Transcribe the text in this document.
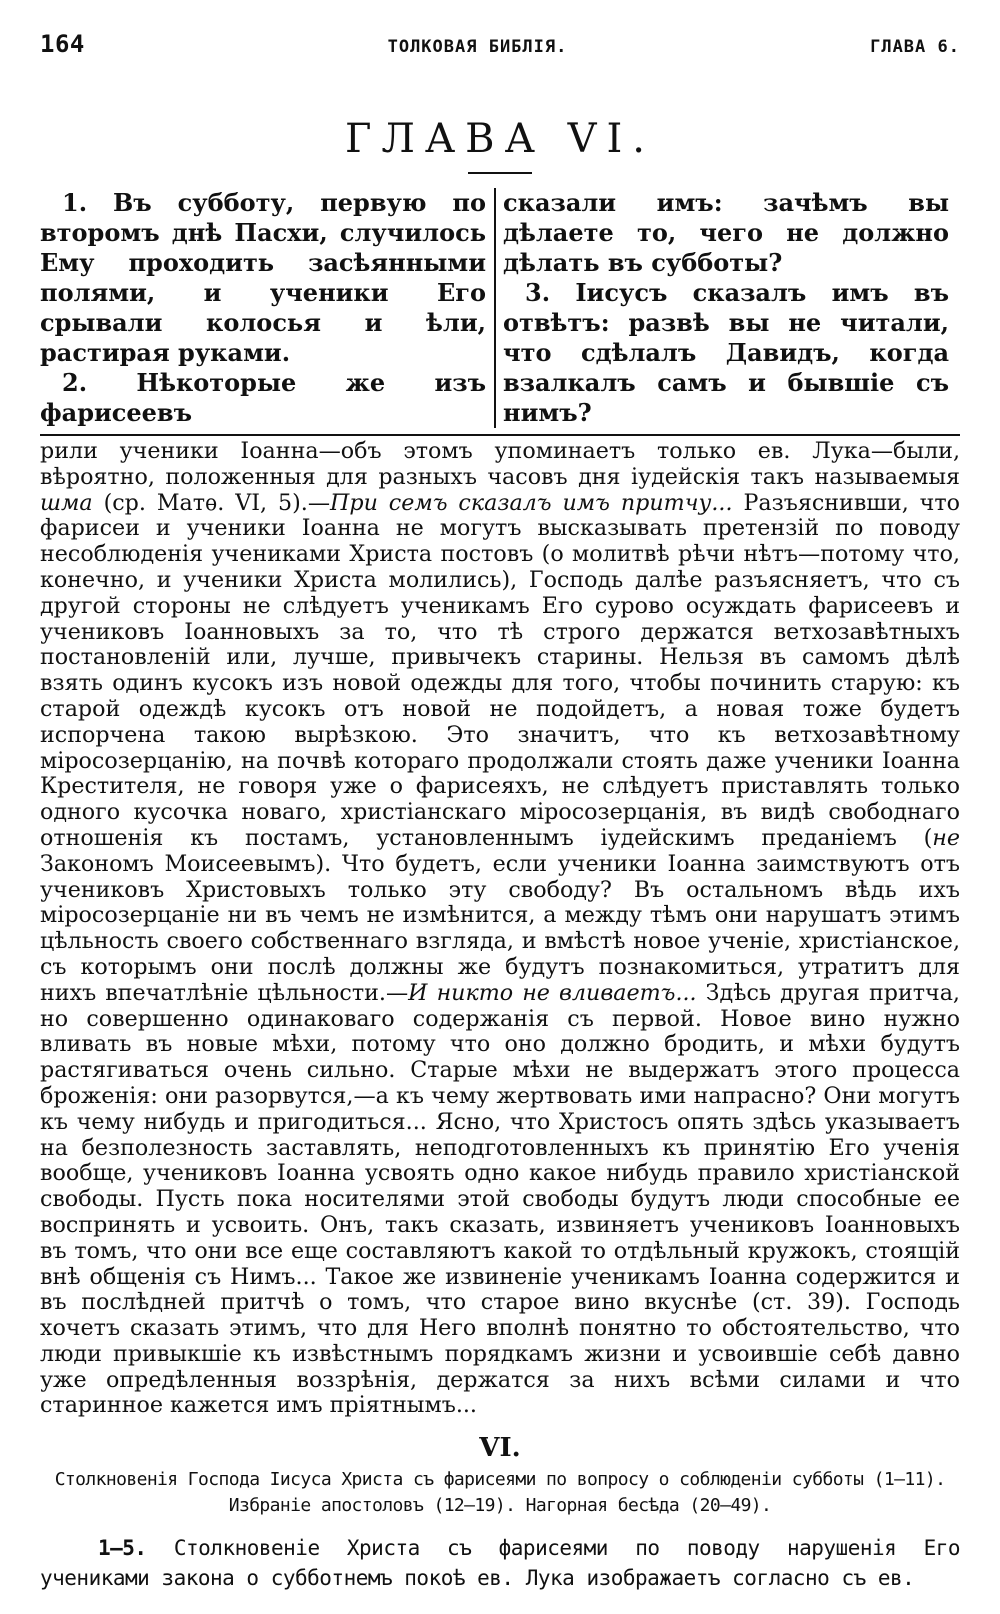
164	ТОЛКОВАЯ БИБЛІЯ.	ГЛАВА 6.
ГЛАВА VI.

1. Въ субботу, первую по второмъ днѣ Пасхи, случилось Ему проходить засѣянными полями, и ученики Его срывали колосья и ѣли, растирая руками.

2. Нѣкоторые же изъ фарисеевъ

сказали имъ: зачѣмъ вы дѣлаете то, чего не должно дѣлать въ субботы?

3. Іисусъ сказалъ имъ въ отвѣтъ: развѣ вы не читали, что сдѣлалъ Давидъ, когда взалкалъ самъ и бывшіе съ нимъ?

рили ученики Іоанна—объ этомъ упоминаетъ только ев. Лука—были, вѣроятно, положенныя для разныхъ часовъ дня іудейскія такъ называемыя шма (ср. Матѳ. VI, 5).—При семъ сказалъ имъ притчу... Разъяснивши, что фарисеи и ученики Іоанна не могутъ высказывать претензій по поводу несоблюденія учениками Христа постовъ (о молитвѣ рѣчи нѣтъ—потому что, конечно, и ученики Христа молились), Господь далѣе разъясняетъ, что съ другой стороны не слѣдуетъ ученикамъ Его сурово осуждать фарисеевъ и учениковъ Іоанновыхъ за то, что тѣ строго держатся ветхозавѣтныхъ постановленій или, лучше, привычекъ старины. Нельзя въ самомъ дѣлѣ взять одинъ кусокъ изъ новой одежды для того, чтобы починить старую: къ старой одеждѣ кусокъ отъ новой не подойдетъ, а новая тоже будетъ испорчена такою вырѣзкою. Это значитъ, что къ ветхозавѣтному міросозерцанію, на почвѣ котораго продолжали стоять даже ученики Іоанна Крестителя, не говоря уже о фарисеяхъ, не слѣдуетъ приставлять только одного кусочка новаго, христіанскаго міросозерцанія, въ видѣ свободнаго отношенія къ постамъ, установленнымъ іудейскимъ преданіемъ (не Закономъ Моисеевымъ). Что будетъ, если ученики Іоанна заимствуютъ отъ учениковъ Христовыхъ только эту свободу? Въ остальномъ вѣдь ихъ міросозерцаніе ни въ чемъ не измѣнится, а между тѣмъ они нарушатъ этимъ цѣльность своего собственнаго взгляда, и вмѣстѣ новое ученіе, христіанское, съ которымъ они послѣ должны же будутъ познакомиться, утратитъ для нихъ впечатлѣніе цѣльности.—И никто не вливаетъ... Здѣсь другая притча, но совершенно одинаковаго содержанія съ первой. Новое вино нужно вливать въ новые мѣхи, потому что оно должно бродить, и мѣхи будутъ растягиваться очень сильно. Старые мѣхи не выдержатъ этого процесса броженія: они разорвутся,—а къ чему жертвовать ими напрасно? Они могутъ къ чему нибудь и пригодиться... Ясно, что Христосъ опять здѣсь указываетъ на безполезность заставлять, неподготовленныхъ къ принятію Его ученія вообще, учениковъ Іоанна усвоять одно какое нибудь правило христіанской свободы. Пусть пока носителями этой свободы будутъ люди способные ее воспринять и усвоить. Онъ, такъ сказать, извиняетъ учениковъ Іоанновыхъ въ томъ, что они все еще составляютъ какой то отдѣльный кружокъ, стоящій внѣ общенія съ Нимъ... Такое же извиненіе ученикамъ Іоанна содержится и въ послѣдней притчѣ о томъ, что старое вино вкуснѣе (ст. 39). Господь хочетъ сказать этимъ, что для Него вполнѣ понятно то обстоятельство, что люди привыкшіе къ извѣстнымъ порядкамъ жизни и усвоившіе себѣ давно уже опредѣленныя воззрѣнія, держатся за нихъ всѣми силами и что старинное кажется имъ пріятнымъ...

VI.

Столкновенія Господа Іисуса Христа съ фарисеями по вопросу о соблюденіи субботы (1—11). Избраніе апостоловъ (12—19). Нагорная бесѣда (20—49).

1—5. Столкновеніе Христа съ фарисеями по поводу нарушенія Его учениками закона о субботнемъ покоѣ ев. Лука изображаетъ согласно съ ев.
